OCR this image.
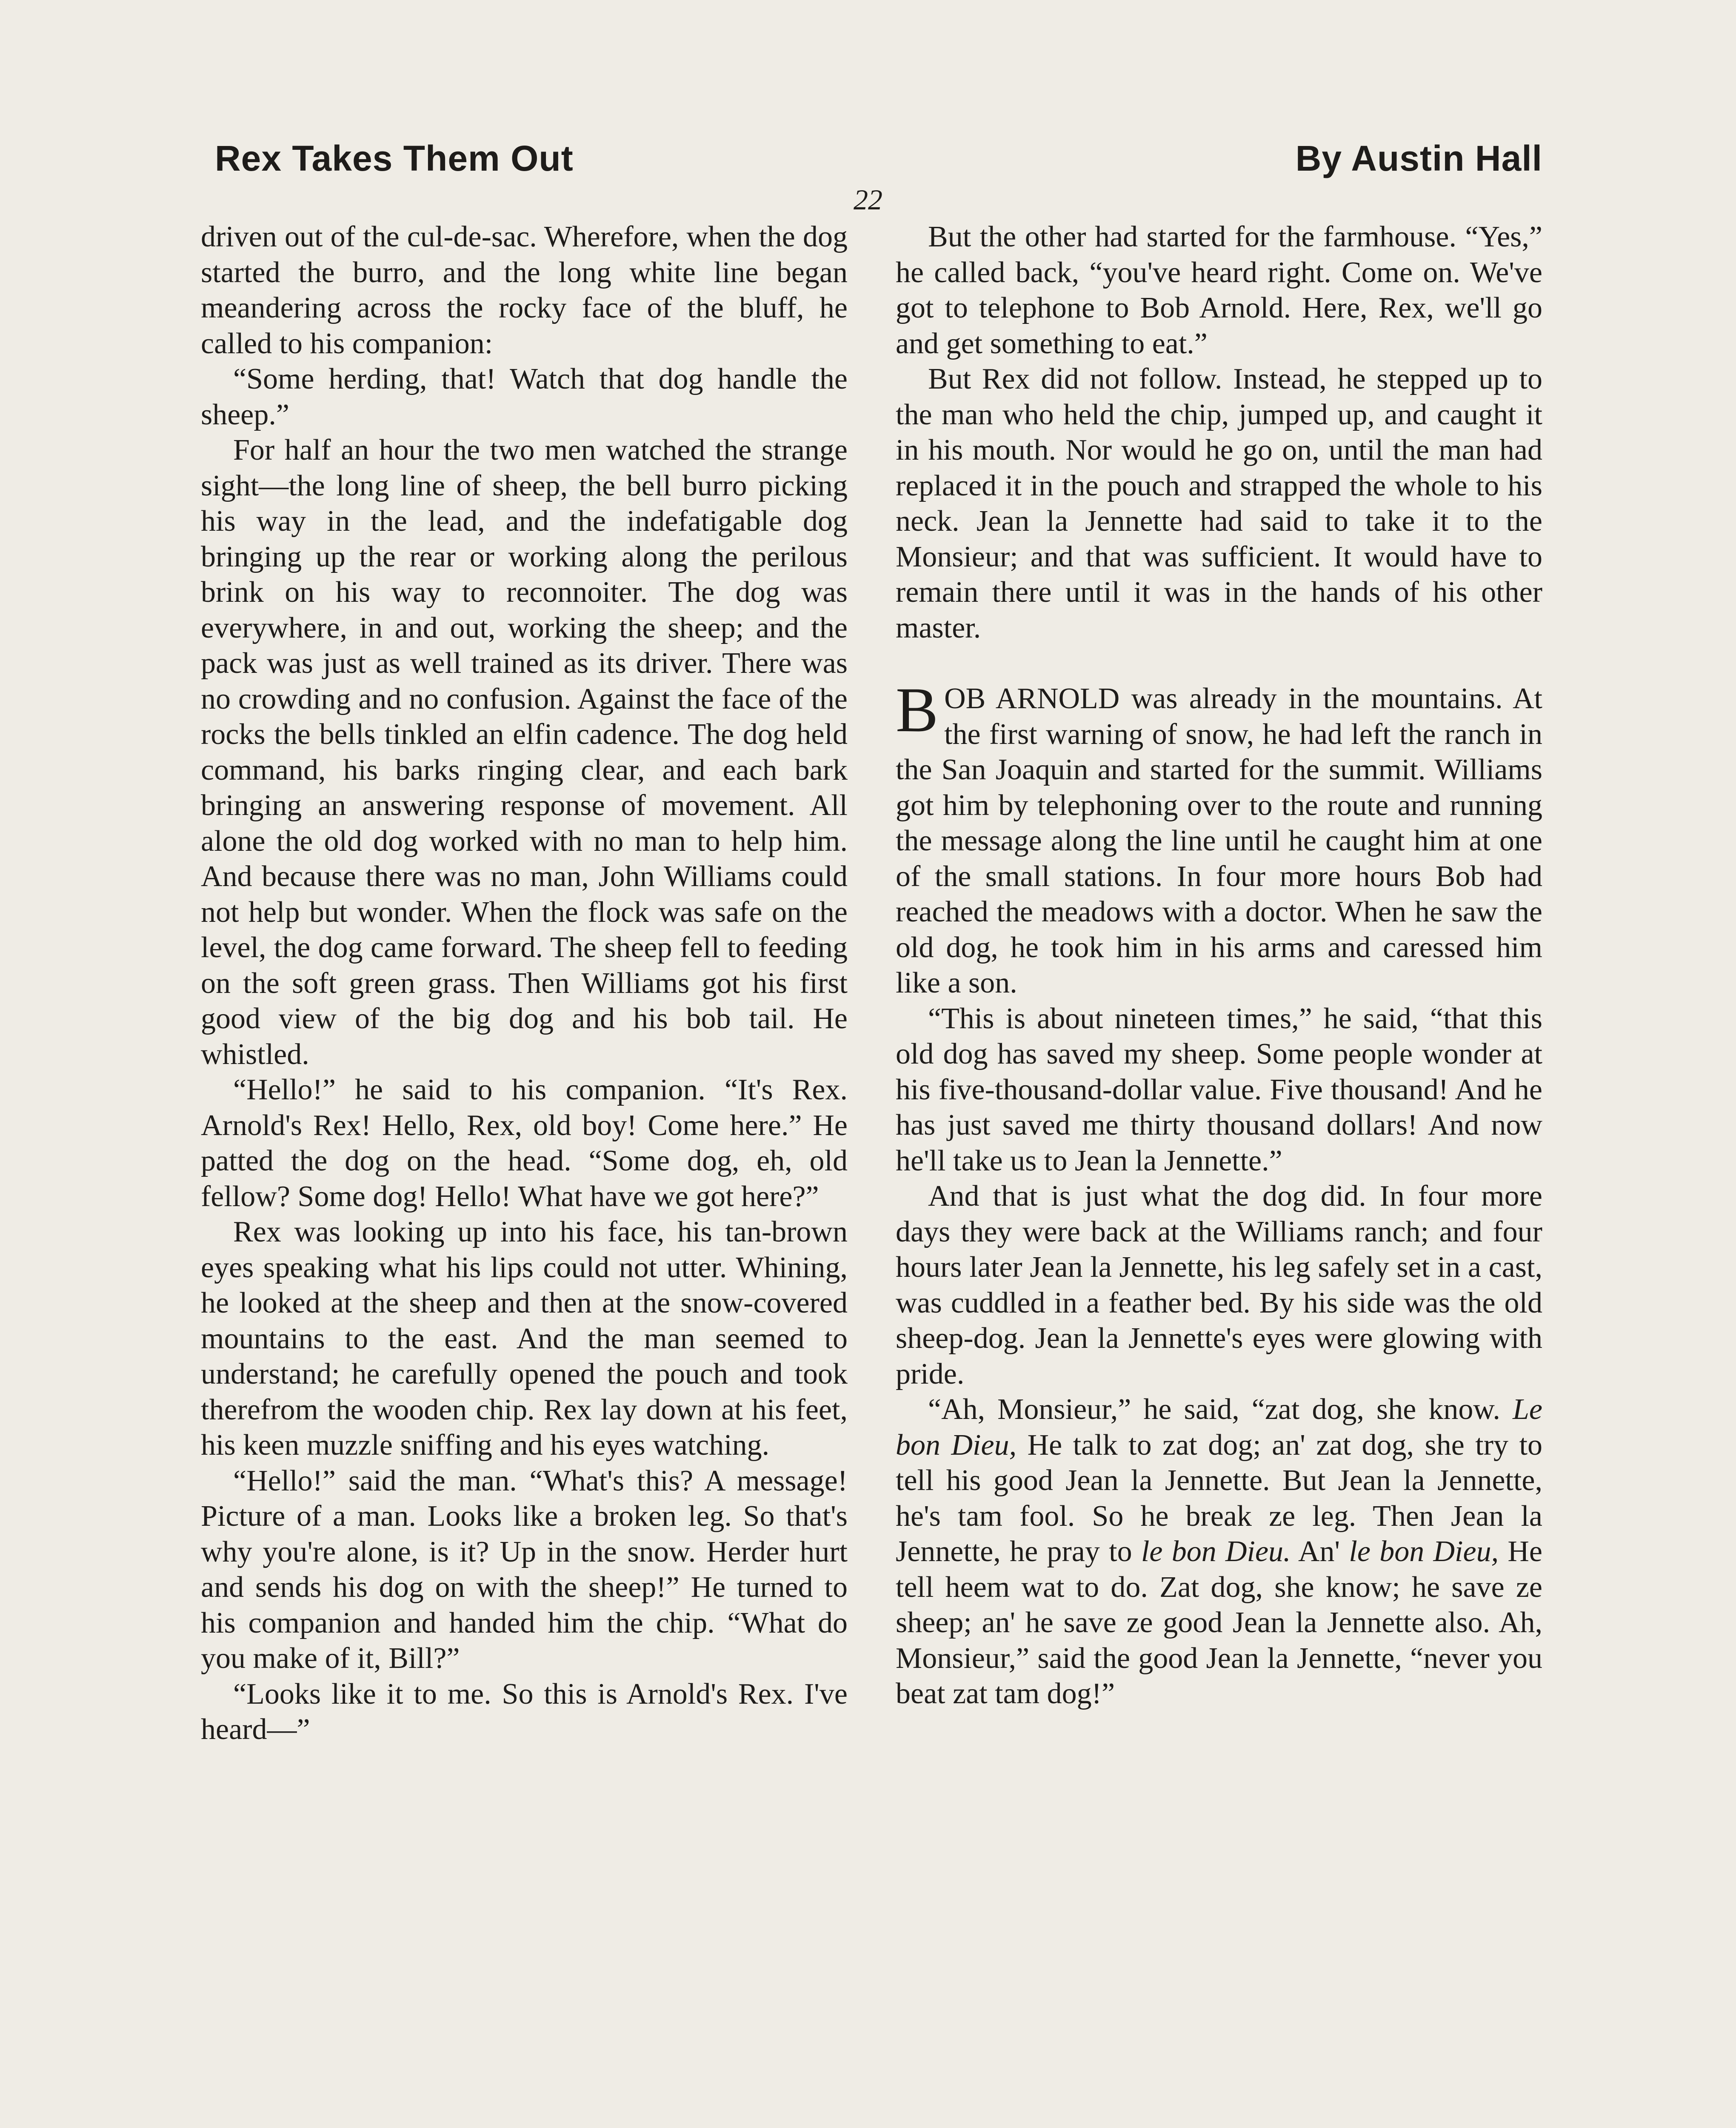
Rex Takes Them Out	By Austin Hall
22

driven out of the cul-de-sac. Wherefore, when the dog started the burro, and the long white line began meandering across the rocky face of the bluff, he called to his companion:

“Some herding, that! Watch that dog handle the sheep.”

For half an hour the two men watched the strange sight—the long line of sheep, the bell burro picking his way in the lead, and the indefatigable dog bringing up the rear or working along the perilous brink on his way to reconnoiter. The dog was everywhere, in and out, working the sheep; and the pack was just as well trained as its driver. There was no crowding and no confusion. Against the face of the rocks the bells tinkled an elfin cadence. The dog held command, his barks ringing clear, and each bark bringing an answering response of movement. All alone the old dog worked with no man to help him. And because there was no man, John Williams could not help but wonder. When the flock was safe on the level, the dog came forward. The sheep fell to feeding on the soft green grass. Then Williams got his first good view of the big dog and his bob tail. He whistled.

“Hello!” he said to his companion. “It's Rex. Arnold's Rex! Hello, Rex, old boy! Come here.” He patted the dog on the head. “Some dog, eh, old fellow? Some dog! Hello! What have we got here?”

Rex was looking up into his face, his tan-brown eyes speaking what his lips could not utter. Whining, he looked at the sheep and then at the snow-covered mountains to the east. And the man seemed to understand; he carefully opened the pouch and took therefrom the wooden chip. Rex lay down at his feet, his keen muzzle sniffing and his eyes watching.

“Hello!” said the man. “What's this? A message! Picture of a man. Looks like a broken leg. So that's why you're alone, is it? Up in the snow. Herder hurt and sends his dog on with the sheep!” He turned to his companion and handed him the chip. “What do you make of it, Bill?”

“Looks like it to me. So this is Arnold's Rex. I've heard—”

But the other had started for the farmhouse. “Yes,” he called back, “you've heard right. Come on. We've got to telephone to Bob Arnold. Here, Rex, we'll go and get something to eat.”

But Rex did not follow. Instead, he stepped up to the man who held the chip, jumped up, and caught it in his mouth. Nor would he go on, until the man had replaced it in the pouch and strapped the whole to his neck. Jean la Jennette had said to take it to the Monsieur; and that was sufficient. It would have to remain there until it was in the hands of his other master.

BOB ARNOLD was already in the mountains. At the first warning of snow, he had left the ranch in the San Joaquin and started for the summit. Williams got him by telephoning over to the route and running the message along the line until he caught him at one of the small stations. In four more hours Bob had reached the meadows with a doctor. When he saw the old dog, he took him in his arms and caressed him like a son.

“This is about nineteen times,” he said, “that this old dog has saved my sheep. Some people wonder at his five-thousand-dollar value. Five thousand! And he has just saved me thirty thousand dollars! And now he'll take us to Jean la Jennette.”

And that is just what the dog did. In four more days they were back at the Williams ranch; and four hours later Jean la Jennette, his leg safely set in a cast, was cuddled in a feather bed. By his side was the old sheep-dog. Jean la Jennette's eyes were glowing with pride.

“Ah, Monsieur,” he said, “zat dog, she know. Le bon Dieu, He talk to zat dog; an' zat dog, she try to tell his good Jean la Jennette. But Jean la Jennette, he's tam fool. So he break ze leg. Then Jean la Jennette, he pray to le bon Dieu. An' le bon Dieu, He tell heem wat to do. Zat dog, she know; he save ze sheep; an' he save ze good Jean la Jennette also. Ah, Monsieur,” said the good Jean la Jennette, “never you beat zat tam dog!”
